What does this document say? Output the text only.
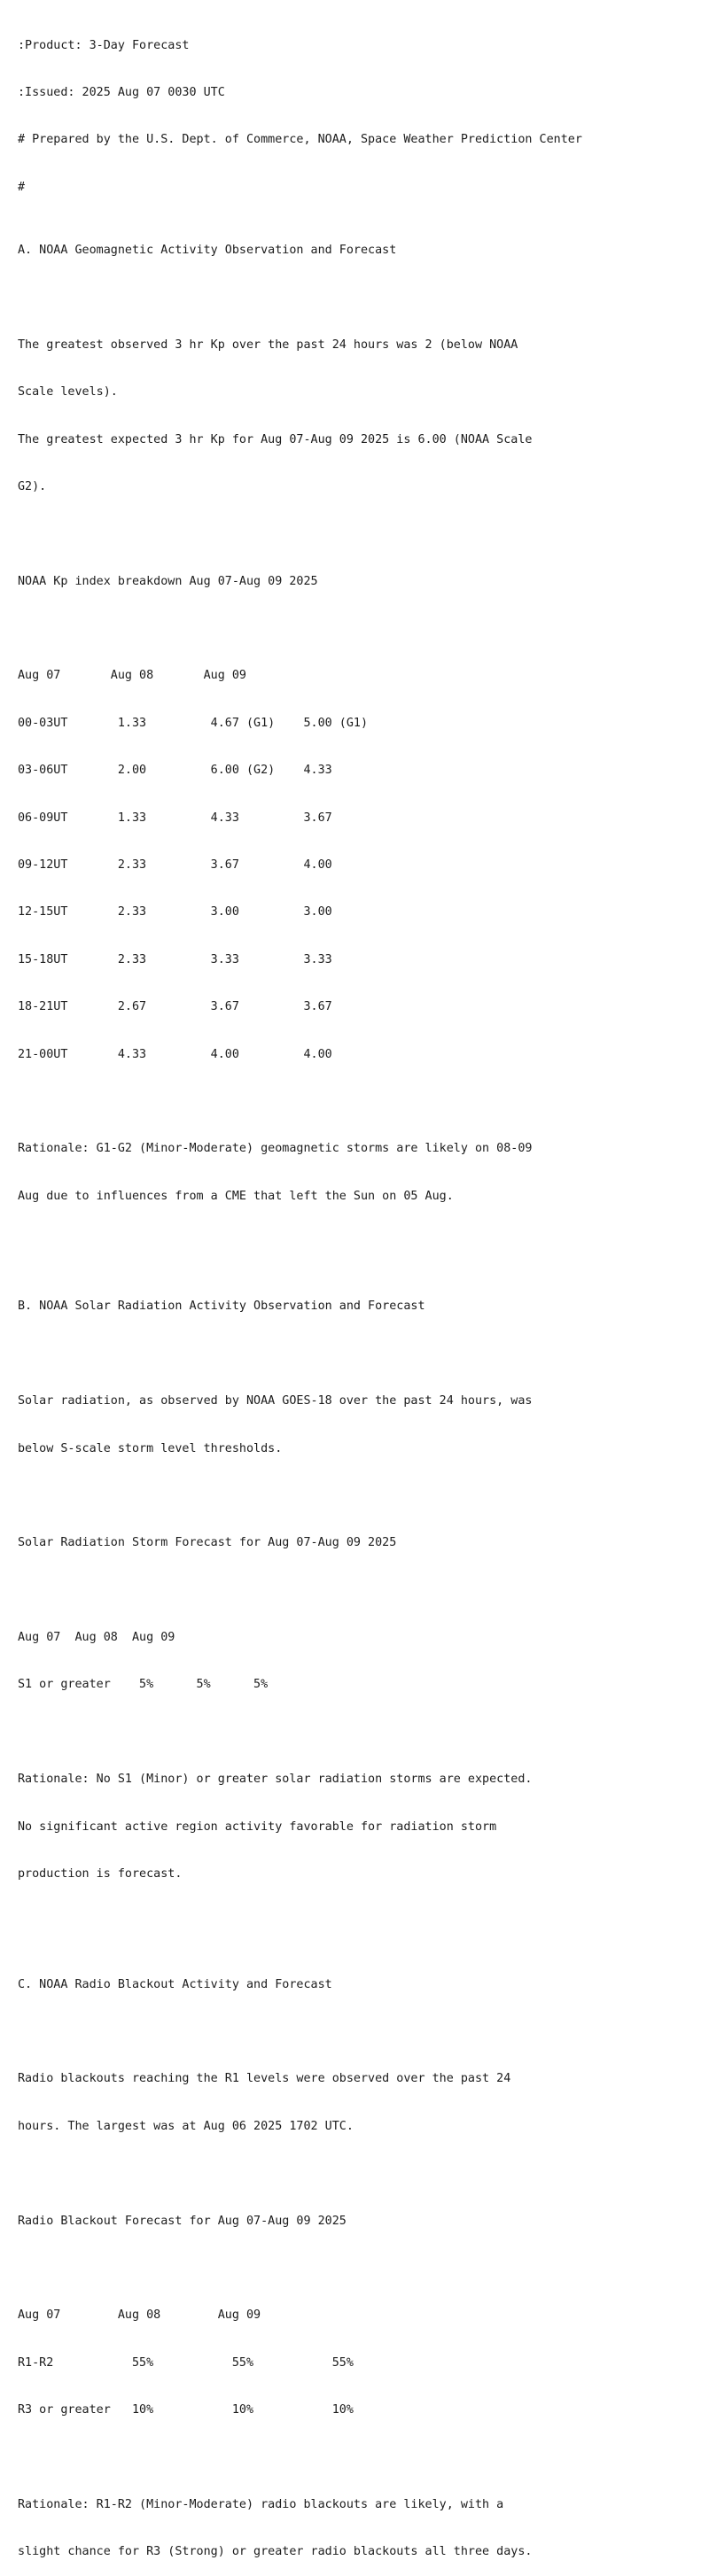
:Product: 3-Day Forecast

:Issued: 2025 Aug 07 0030 UTC

# Prepared by the U.S. Dept. of Commerce, NOAA, Space Weather Prediction Center

#

A. NOAA Geomagnetic Activity Observation and Forecast

The greatest observed 3 hr Kp over the past 24 hours was 2 (below NOAA

Scale levels).

The greatest expected 3 hr Kp for Aug 07-Aug 09 2025 is 6.00 (NOAA Scale

G2).

NOAA Kp index breakdown Aug 07-Aug 09 2025

Aug 07       Aug 08       Aug 09

00-03UT       1.33         4.67 (G1)    5.00 (G1)

03-06UT       2.00         6.00 (G2)    4.33

06-09UT       1.33         4.33         3.67

09-12UT       2.33         3.67         4.00

12-15UT       2.33         3.00         3.00

15-18UT       2.33         3.33         3.33

18-21UT       2.67         3.67         3.67

21-00UT       4.33         4.00         4.00

Rationale: G1-G2 (Minor-Moderate) geomagnetic storms are likely on 08-09

Aug due to influences from a CME that left the Sun on 05 Aug.

B. NOAA Solar Radiation Activity Observation and Forecast

Solar radiation, as observed by NOAA GOES-18 over the past 24 hours, was

below S-scale storm level thresholds.

Solar Radiation Storm Forecast for Aug 07-Aug 09 2025

Aug 07  Aug 08  Aug 09

S1 or greater    5%      5%      5%

Rationale: No S1 (Minor) or greater solar radiation storms are expected.

No significant active region activity favorable for radiation storm

production is forecast.

C. NOAA Radio Blackout Activity and Forecast

Radio blackouts reaching the R1 levels were observed over the past 24

hours. The largest was at Aug 06 2025 1702 UTC.

Radio Blackout Forecast for Aug 07-Aug 09 2025

Aug 07        Aug 08        Aug 09

R1-R2           55%           55%           55%

R3 or greater   10%           10%           10%

Rationale: R1-R2 (Minor-Moderate) radio blackouts are likely, with a

slight chance for R3 (Strong) or greater radio blackouts all three days.
